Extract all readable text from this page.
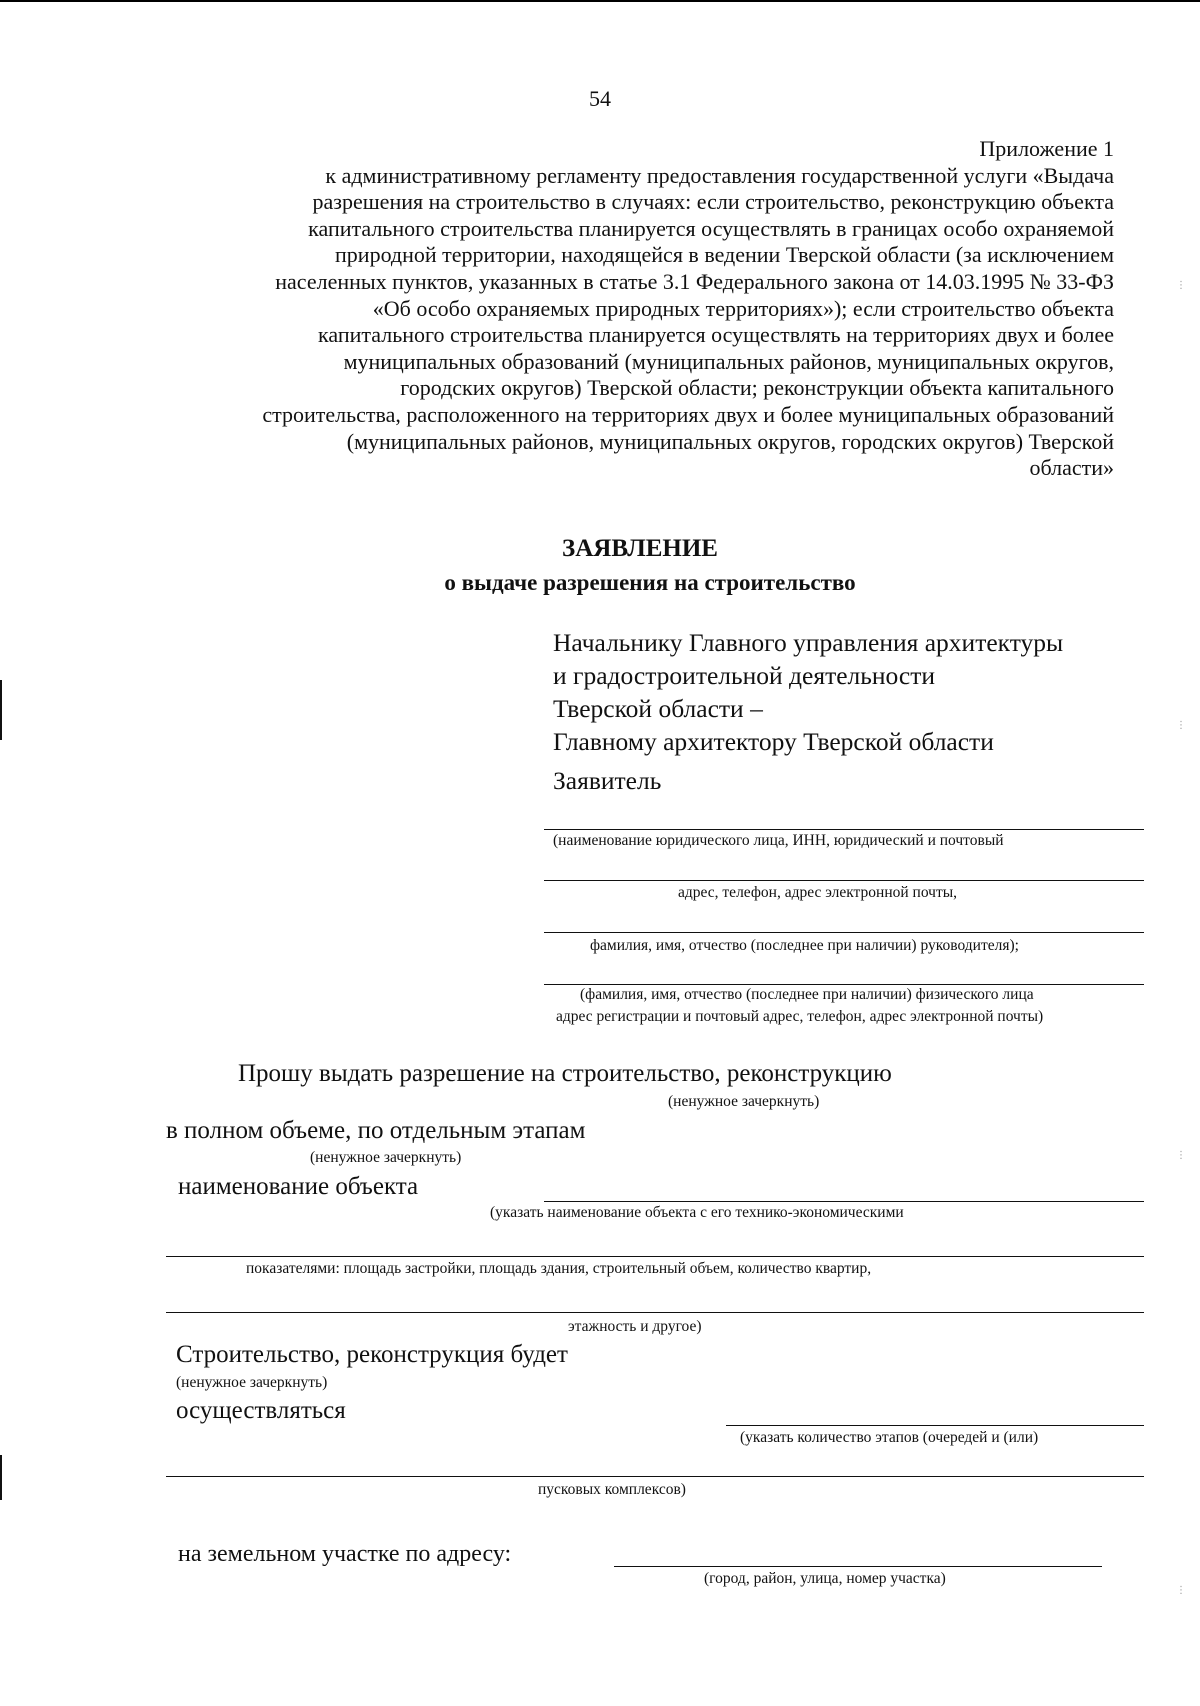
54
Приложение 1
к административному регламенту предоставления государственной услуги «Выдача
разрешения на строительство в случаях: если строительство, реконструкцию объекта
капитального строительства планируется осуществлять в границах особо охраняемой
природной территории, находящейся в ведении Тверской области (за исключением
населенных пунктов, указанных в статье 3.1 Федерального закона от 14.03.1995 № 33-ФЗ
«Об особо охраняемых природных территориях»); если строительство объекта
капитального строительства планируется осуществлять на территориях двух и более
муниципальных образований (муниципальных районов, муниципальных округов,
городских округов) Тверской области; реконструкции объекта капитального
строительства, расположенного на территориях двух и более муниципальных образований
(муниципальных районов, муниципальных округов, городских округов) Тверской
области»
ЗАЯВЛЕНИЕ
о выдаче разрешения на строительство
Начальнику Главного управления архитектуры
и градостроительной деятельности
Тверской области –
Главному архитектору Тверской области
Заявитель
(наименование юридического лица, ИНН, юридический и почтовый
адрес, телефон, адрес электронной почты,
фамилия, имя, отчество (последнее при наличии) руководителя);
(фамилия, имя, отчество (последнее при наличии) физического лица
адрес регистрации и почтовый адрес, телефон, адрес электронной почты)
Прошу выдать разрешение на строительство, реконструкцию
(ненужное зачеркнуть)
в полном объеме, по отдельным этапам
(ненужное зачеркнуть)
наименование объекта
(указать наименование объекта с его технико-экономическими
показателями: площадь застройки, площадь здания, строительный объем, количество квартир,
этажность и другое)
Строительство, реконструкция будет
(ненужное зачеркнуть)
осуществляться
(указать количество этапов (очередей и (или)
пусковых комплексов)
на земельном участке по адресу:
(город, район, улица, номер участка)
⋮
⋮
⋮
⋮
